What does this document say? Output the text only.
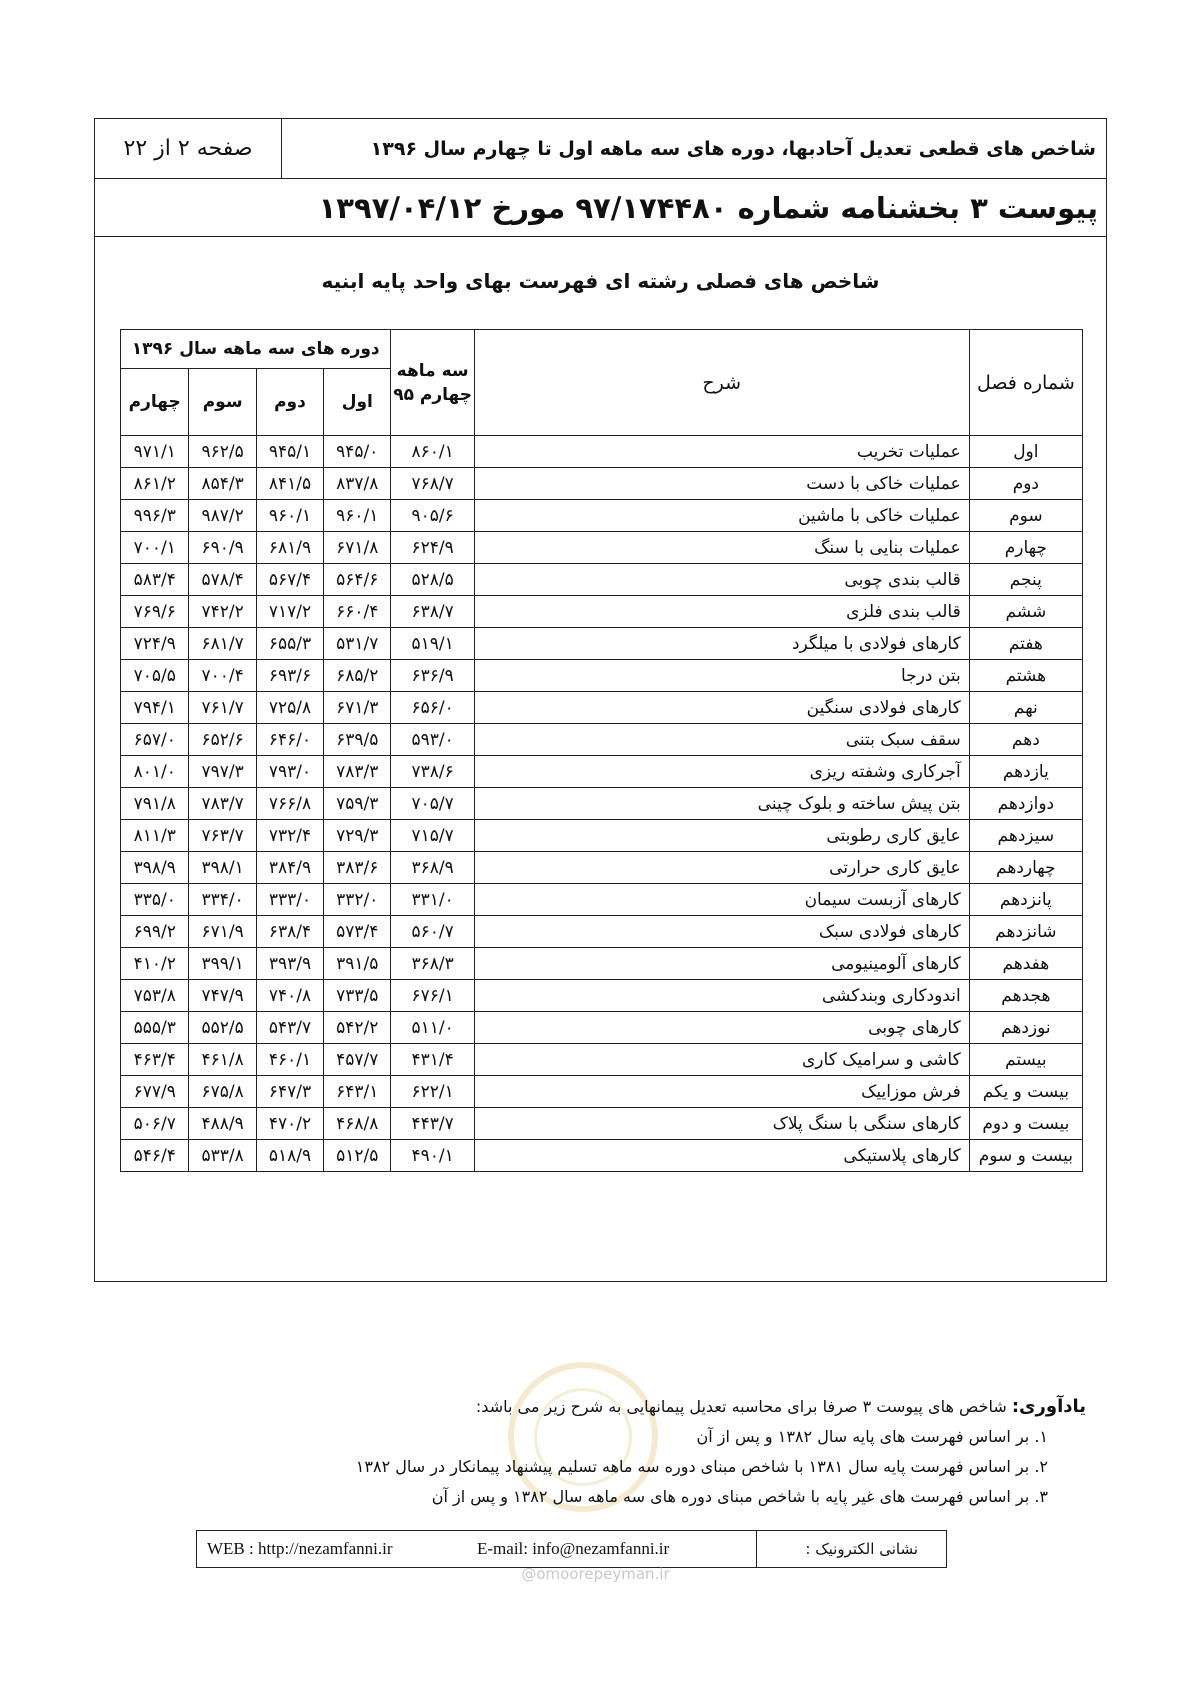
صفحه ۲ از ۲۲	شاخص های قطعی تعدیل آحادبها، دوره های سه ماهه اول تا چهارم سال ۱۳۹۶
پیوست ۳ بخشنامه شماره ۹۷/۱۷۴۴۸۰ مورخ ۱۳۹۷/۰۴/۱۲
شاخص های فصلی رشته ای فهرست بهای واحد پایه ابنیه
شماره فصل	شرح	سه ماهه
چهارم ۹۵	دوره های سه ماهه سال ۱۳۹۶			
			اول	دوم	سوم	چهارم
اول	عملیات تخریب	۸۶۰/۱	۹۴۵/۰	۹۴۵/۱	۹۶۲/۵	۹۷۱/۱
دوم	عملیات خاکی با دست	۷۶۸/۷	۸۳۷/۸	۸۴۱/۵	۸۵۴/۳	۸۶۱/۲
سوم	عملیات خاکی با ماشین	۹۰۵/۶	۹۶۰/۱	۹۶۰/۱	۹۸۷/۲	۹۹۶/۳
چهارم	عملیات بنایی با سنگ	۶۲۴/۹	۶۷۱/۸	۶۸۱/۹	۶۹۰/۹	۷۰۰/۱
پنجم	قالب بندی چوبی	۵۲۸/۵	۵۶۴/۶	۵۶۷/۴	۵۷۸/۴	۵۸۳/۴
ششم	قالب بندی فلزی	۶۳۸/۷	۶۶۰/۴	۷۱۷/۲	۷۴۲/۲	۷۶۹/۶
هفتم	کارهای فولادی با میلگرد	۵۱۹/۱	۵۳۱/۷	۶۵۵/۳	۶۸۱/۷	۷۲۴/۹
هشتم	بتن درجا	۶۳۶/۹	۶۸۵/۲	۶۹۳/۶	۷۰۰/۴	۷۰۵/۵
نهم	کارهای فولادی سنگین	۶۵۶/۰	۶۷۱/۳	۷۲۵/۸	۷۶۱/۷	۷۹۴/۱
دهم	سقف سبک بتنی	۵۹۳/۰	۶۳۹/۵	۶۴۶/۰	۶۵۲/۶	۶۵۷/۰
یازدهم	آجرکاری وشفته ریزی	۷۳۸/۶	۷۸۳/۳	۷۹۳/۰	۷۹۷/۳	۸۰۱/۰
دوازدهم	بتن پیش ساخته و بلوک چینی	۷۰۵/۷	۷۵۹/۳	۷۶۶/۸	۷۸۳/۷	۷۹۱/۸
سیزدهم	عایق کاری رطوبتی	۷۱۵/۷	۷۲۹/۳	۷۳۲/۴	۷۶۳/۷	۸۱۱/۳
چهاردهم	عایق کاری حرارتی	۳۶۸/۹	۳۸۳/۶	۳۸۴/۹	۳۹۸/۱	۳۹۸/۹
پانزدهم	کارهای آزبست سیمان	۳۳۱/۰	۳۳۲/۰	۳۳۳/۰	۳۳۴/۰	۳۳۵/۰
شانزدهم	کارهای فولادی سبک	۵۶۰/۷	۵۷۳/۴	۶۳۸/۴	۶۷۱/۹	۶۹۹/۲
هفدهم	کارهای آلومینیومی	۳۶۸/۳	۳۹۱/۵	۳۹۳/۹	۳۹۹/۱	۴۱۰/۲
هجدهم	اندودکاری وبندکشی	۶۷۶/۱	۷۳۳/۵	۷۴۰/۸	۷۴۷/۹	۷۵۳/۸
نوزدهم	کارهای چوبی	۵۱۱/۰	۵۴۲/۲	۵۴۳/۷	۵۵۲/۵	۵۵۵/۳
بیستم	کاشی و سرامیک کاری	۴۳۱/۴	۴۵۷/۷	۴۶۰/۱	۴۶۱/۸	۴۶۳/۴
بیست و یکم	فرش موزاییک	۶۲۲/۱	۶۴۳/۱	۶۴۷/۳	۶۷۵/۸	۶۷۷/۹
بیست و دوم	کارهای سنگی با سنگ پلاک	۴۴۳/۷	۴۶۸/۸	۴۷۰/۲	۴۸۸/۹	۵۰۶/۷
بیست و سوم	کارهای پلاستیکی	۴۹۰/۱	۵۱۲/۵	۵۱۸/۹	۵۳۳/۸	۵۴۶/۴
یادآوری: شاخص های پیوست ۳ صرفا برای محاسبه تعدیل پیمانهایی به شرح زیر می باشد:
۱. بر اساس فهرست های پایه سال ۱۳۸۲ و پس از آن
۲. بر اساس فهرست پایه سال ۱۳۸۱ با شاخص مبنای دوره سه ماهه تسلیم پیشنهاد پیمانکار در سال ۱۳۸۲
۳. بر اساس فهرست های غیر پایه با شاخص مبنای دوره های سه ماهه سال ۱۳۸۲ و پس از آن
نشانی الکترونیک :
E-mail: info@nezamfanni.ir
WEB : http://nezamfanni.ir
@omoorepeyman.ir
